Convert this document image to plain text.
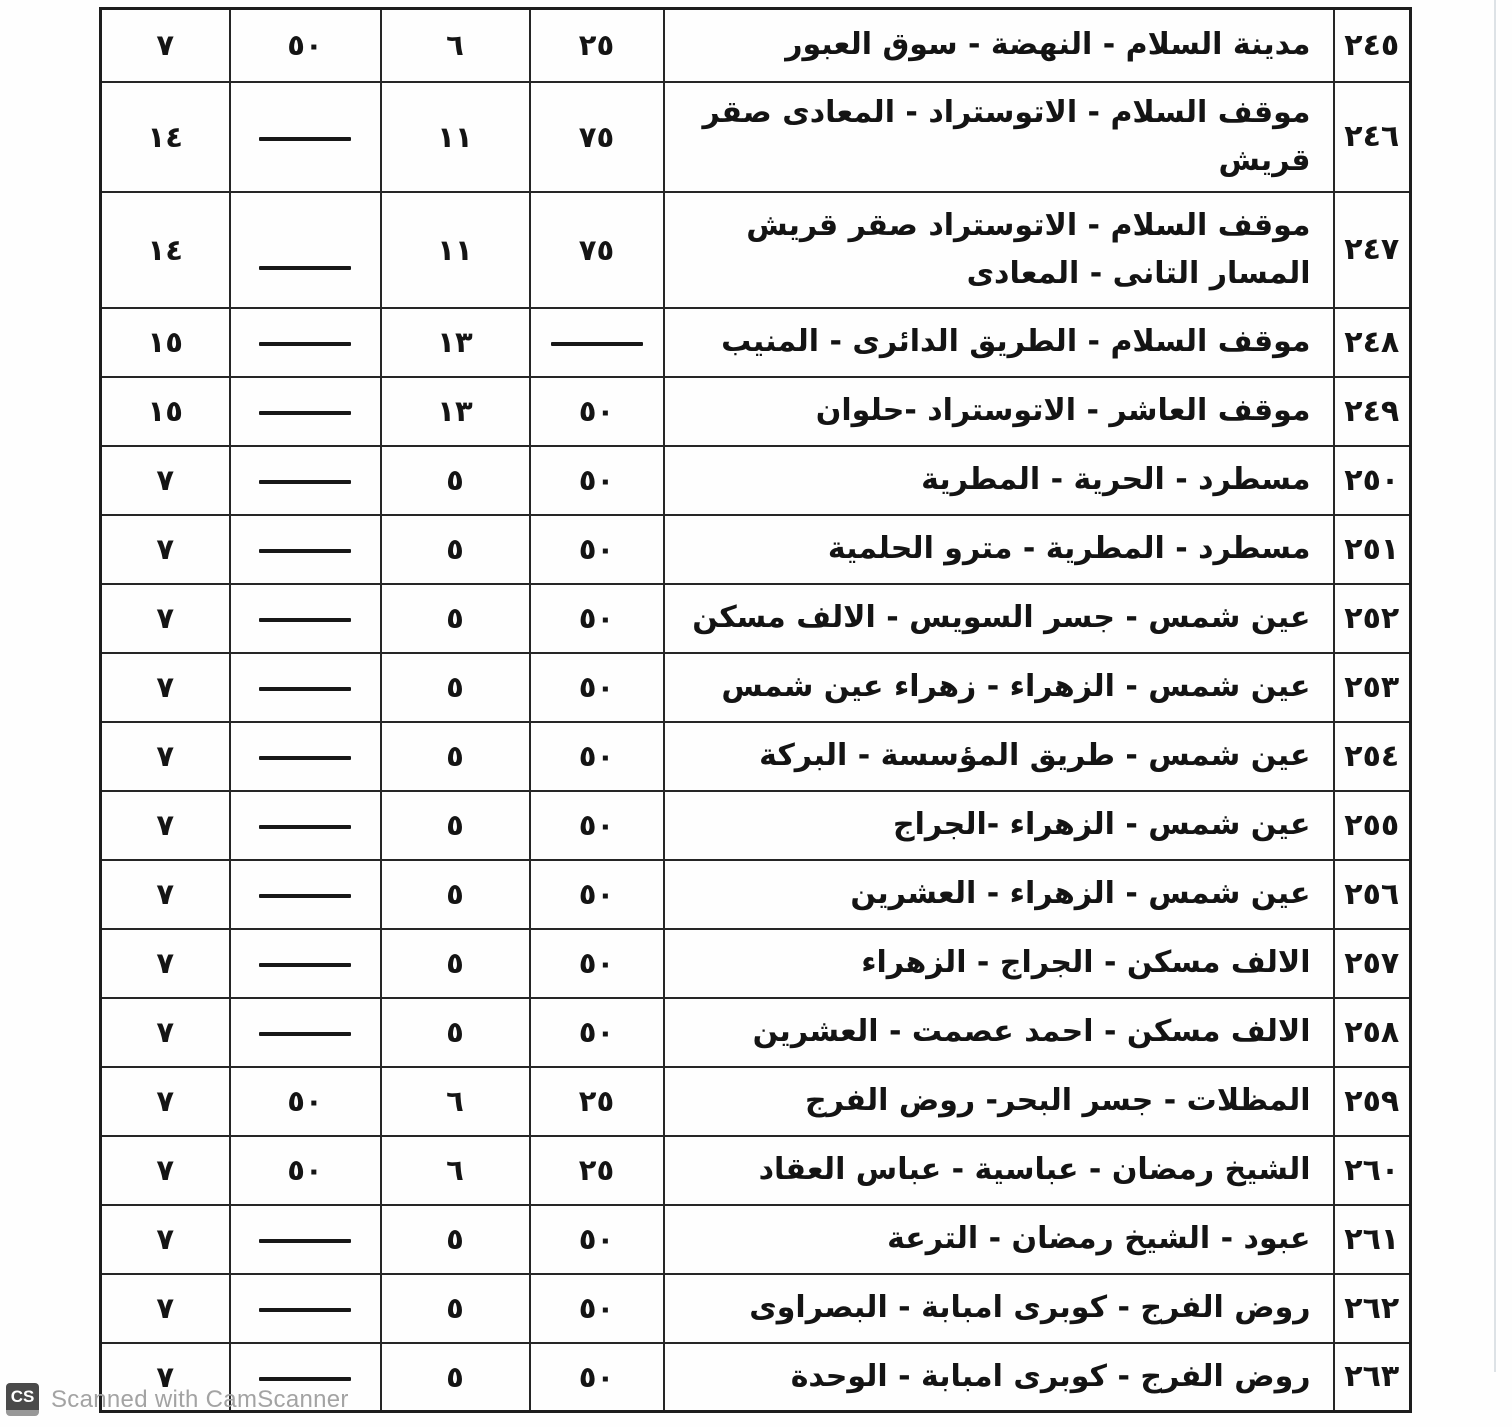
٢٤٥	مدينة السلام - النهضة - سوق العبور	٢٥	٦	٥٠	٧
٢٤٦	موقف السلام - الاتوستراد - المعادى صقر قريش	٧٥	١١		١٤
٢٤٧	موقف السلام - الاتوستراد صقر قريش المسار التانى - المعادى	٧٥	١١		١٤
٢٤٨	موقف السلام - الطريق الدائرى - المنيب		١٣		١٥
٢٤٩	موقف العاشر - الاتوستراد -حلوان	٥٠	١٣		١٥
٢٥٠	مسطرد - الحرية - المطرية	٥٠	٥		٧
٢٥١	مسطرد - المطرية - مترو الحلمية	٥٠	٥		٧
٢٥٢	عين شمس - جسر السويس - الالف مسكن	٥٠	٥		٧
٢٥٣	عين شمس - الزهراء - زهراء عين شمس	٥٠	٥		٧
٢٥٤	عين شمس - طريق المؤسسة - البركة	٥٠	٥		٧
٢٥٥	عين شمس - الزهراء -الجراج	٥٠	٥		٧
٢٥٦	عين شمس - الزهراء - العشرين	٥٠	٥		٧
٢٥٧	الالف مسكن - الجراج - الزهراء	٥٠	٥		٧
٢٥٨	الالف مسكن - احمد عصمت - العشرين	٥٠	٥		٧
٢٥٩	المظلات - جسر البحر- روض الفرج	٢٥	٦	٥٠	٧
٢٦٠	الشيخ رمضان - عباسية - عباس العقاد	٢٥	٦	٥٠	٧
٢٦١	عبود - الشيخ رمضان - الترعة	٥٠	٥		٧
٢٦٢	روض الفرج - كوبرى امبابة - البصراوى	٥٠	٥		٧
٢٦٣	روض الفرج - كوبرى امبابة - الوحدة	٥٠	٥		٧
CS Scanned with CamScanner
